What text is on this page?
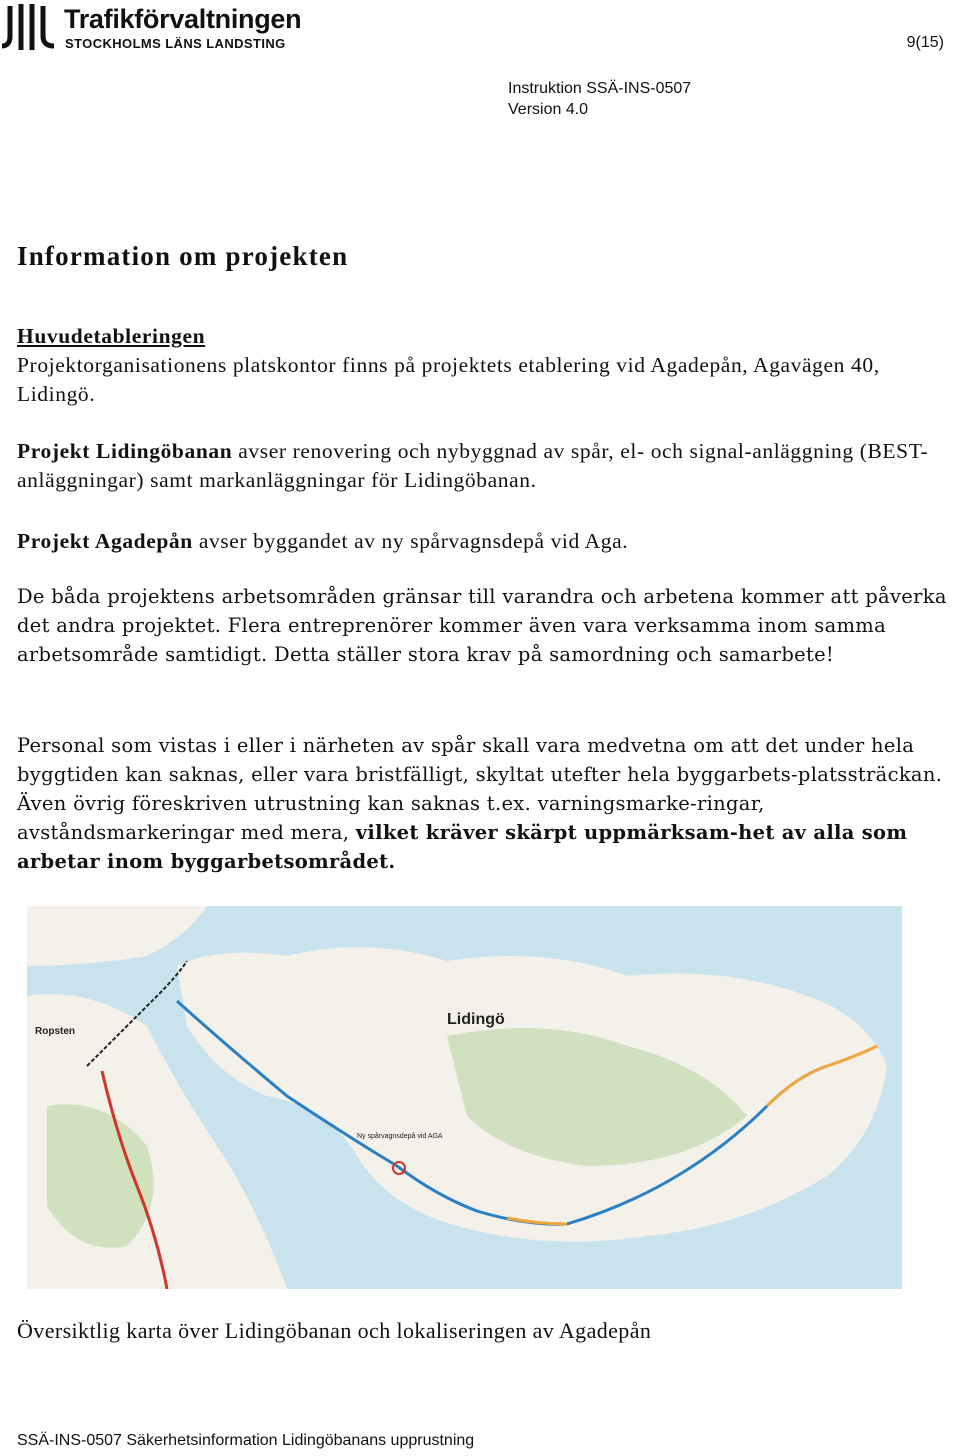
Trafikförvaltningen
STOCKHOLMS LÄNS LANDSTING	9(15)
Instruktion SSÄ-INS-0507
Version 4.0
Information om projekten
Huvudetableringen

Projektorganisationens platskontor finns på projektets etablering vid Agadepån, Agavägen 40, Lidingö.

Projekt Lidingöbanan avser renovering och nybyggnad av spår, el- och signal-anläggning (BEST-anläggningar) samt markanläggningar för Lidingöbanan.

Projekt Agadepån avser byggandet av ny spårvagnsdepå vid Aga.

De båda projektens arbetsområden gränsar till varandra och arbetena kommer att påverka det andra projektet. Flera entreprenörer kommer även vara verksamma inom samma arbetsområde samtidigt. Detta ställer stora krav på samordning och samarbete!

Personal som vistas i eller i närheten av spår skall vara medvetna om att det under hela byggtiden kan saknas, eller vara bristfälligt, skyltat utefter hela byggarbets-platssträckan. Även övrig föreskriven utrustning kan saknas t.ex. varningsmarke-ringar, avståndsmarkeringar med mera, vilket kräver skärpt uppmärksam-het av alla som arbetar inom byggarbetsområdet.

Lidingö
Ropsten
Ny spårvagnsdepå vid AGA
Översiktlig karta över Lidingöbanan och lokaliseringen av Agadepån
SSÄ-INS-0507 Säkerhetsinformation Lidingöbanans upprustning
